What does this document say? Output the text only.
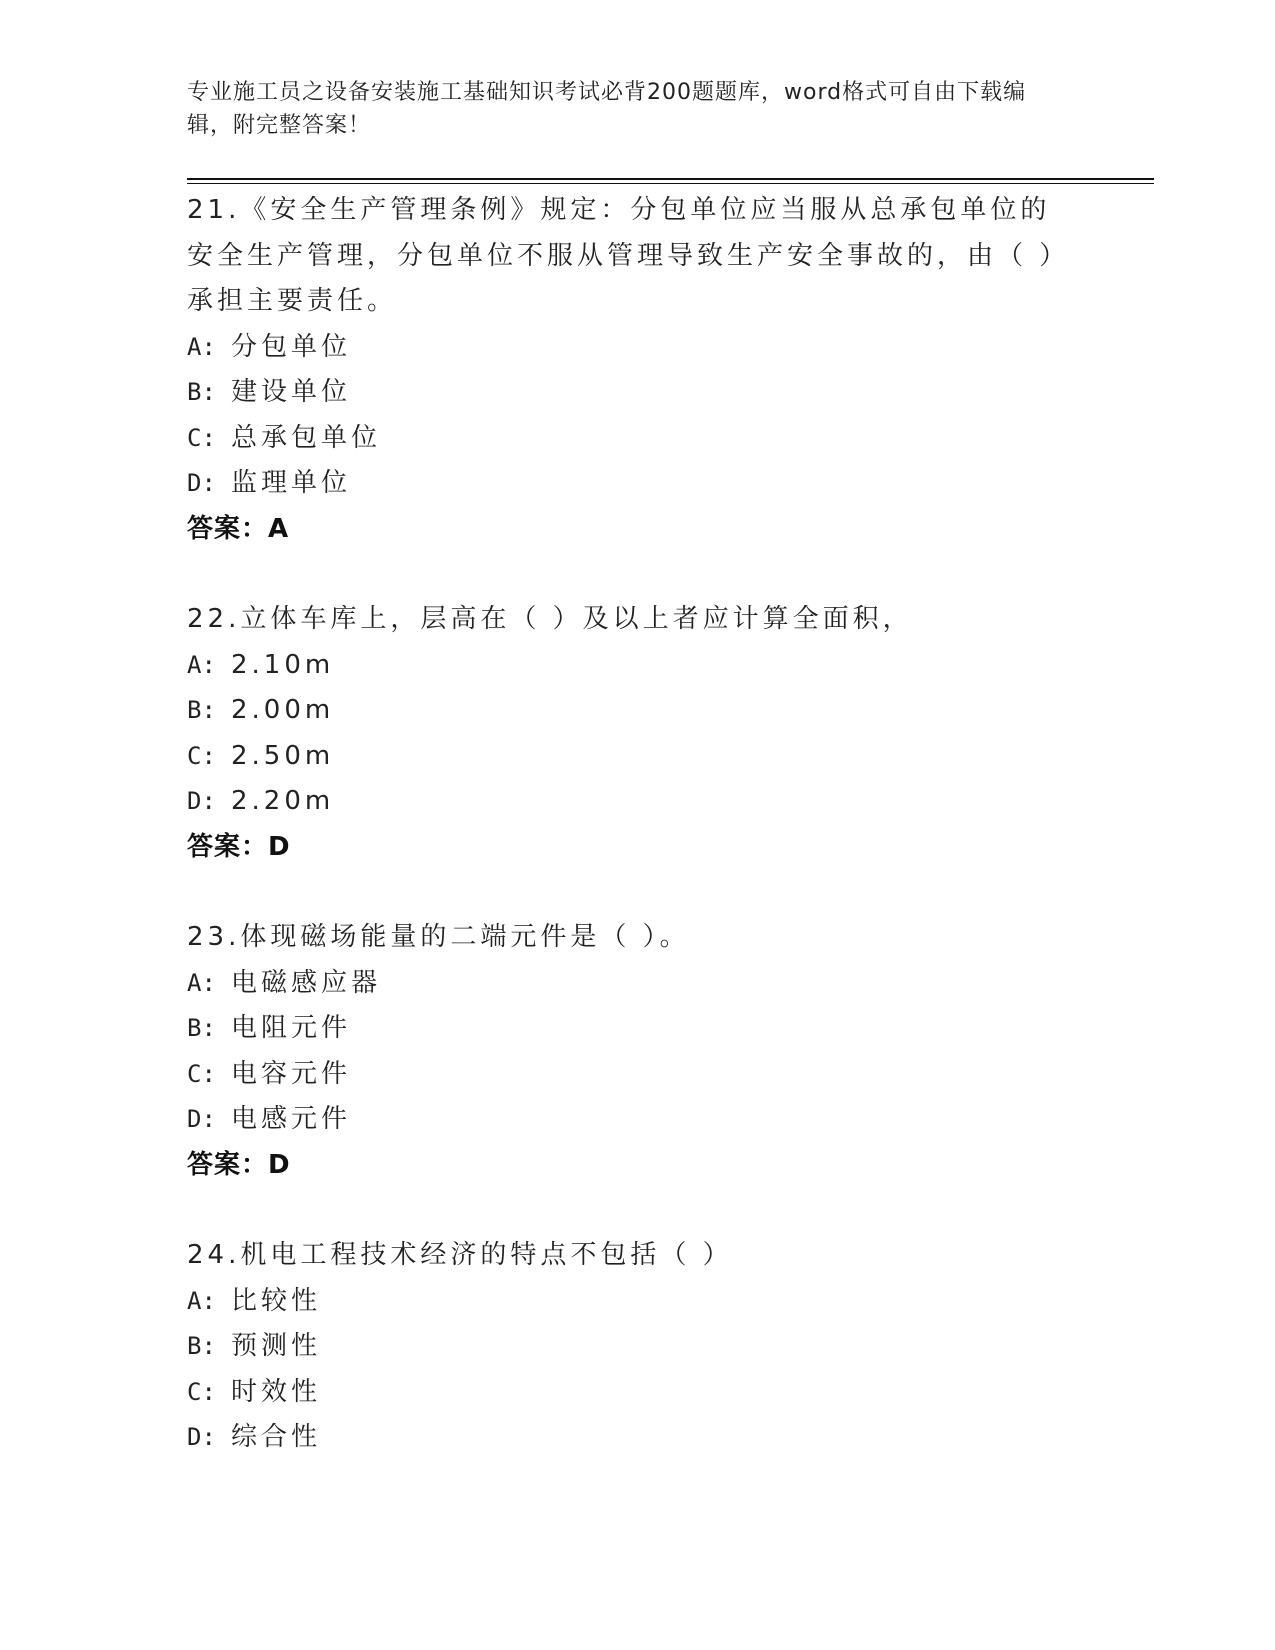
专业施工员之设备安装施工基础知识考试必背200题题库，word格式可自由下载编辑，附完整答案！
21.《安全生产管理条例》规定：分包单位应当服从总承包单位的安全生产管理，分包单位不服从管理导致生产安全事故的，由（ ）承担主要责任。
A: 分包单位
B: 建设单位
C: 总承包单位
D: 监理单位
答案：A
22.立体车库上，层高在（ ）及以上者应计算全面积，
A: 2.10m
B: 2.00m
C: 2.50m
D: 2.20m
答案：D
23.体现磁场能量的二端元件是（ ）。
A: 电磁感应器
B: 电阻元件
C: 电容元件
D: 电感元件
答案：D
24.机电工程技术经济的特点不包括（ ）
A: 比较性
B: 预测性
C: 时效性
D: 综合性
